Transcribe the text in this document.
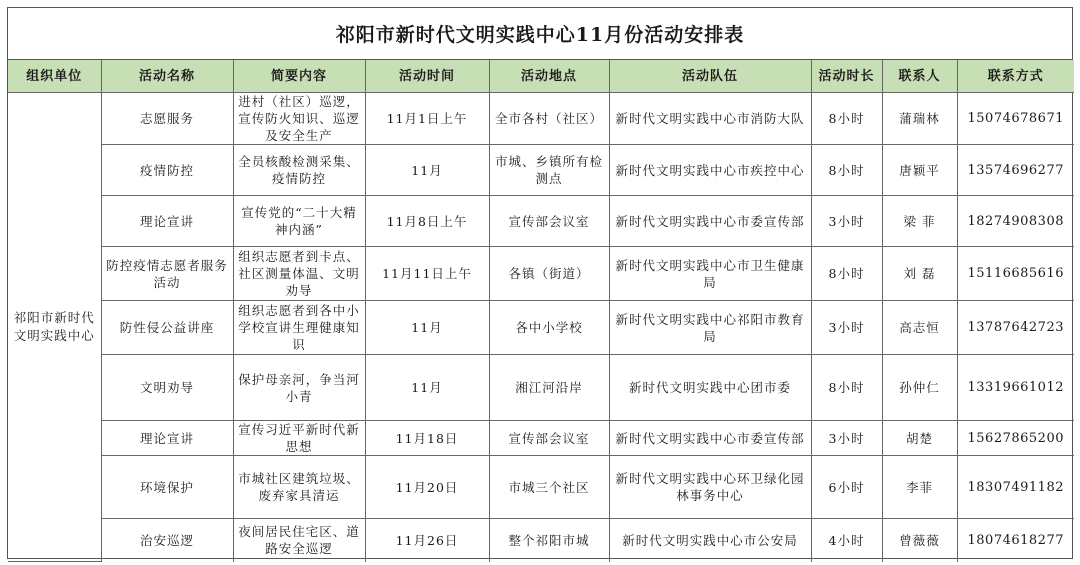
祁阳市新时代文明实践中心11月份活动安排表
组织单位	活动名称	简要内容	活动时间	活动地点	活动队伍	活动时长	联系人	联系方式
祁阳市新时代文明实践中心	志愿服务	进村（社区）巡逻，宣传防火知识、巡逻及安全生产	11月1日上午	全市各村（社区）	新时代文明实践中心市消防大队	8小时	蒲瑞林	15074678671
	疫情防控	全员核酸检测采集、疫情防控	11月	市城、乡镇所有检测点	新时代文明实践中心市疾控中心	8小时	唐颖平	13574696277
	理论宣讲	宣传党的“二十大精神内涵”	11月8日上午	宣传部会议室	新时代文明实践中心市委宣传部	3小时	梁 菲	18274908308
	防控疫情志愿者服务活动	组织志愿者到卡点、社区测量体温、文明劝导	11月11日上午	各镇（街道）	新时代文明实践中心市卫生健康局	8小时	刘 磊	15116685616
	防性侵公益讲座	组织志愿者到各中小学校宣讲生理健康知识	11月	各中小学校	新时代文明实践中心祁阳市教育局	3小时	高志恒	13787642723
	文明劝导	保护母亲河，争当河小青	11月	湘江河沿岸	新时代文明实践中心团市委	8小时	孙仲仁	13319661012
	理论宣讲	宣传习近平新时代新思想	11月18日	宣传部会议室	新时代文明实践中心市委宣传部	3小时	胡楚	15627865200
	环境保护	市城社区建筑垃圾、废弃家具清运	11月20日	市城三个社区	新时代文明实践中心环卫绿化园林事务中心	6小时	李菲	18307491182
	治安巡逻	夜间居民住宅区、道路安全巡逻	11月26日	整个祁阳市城	新时代文明实践中心市公安局	4小时	曾薇薇	18074618277
